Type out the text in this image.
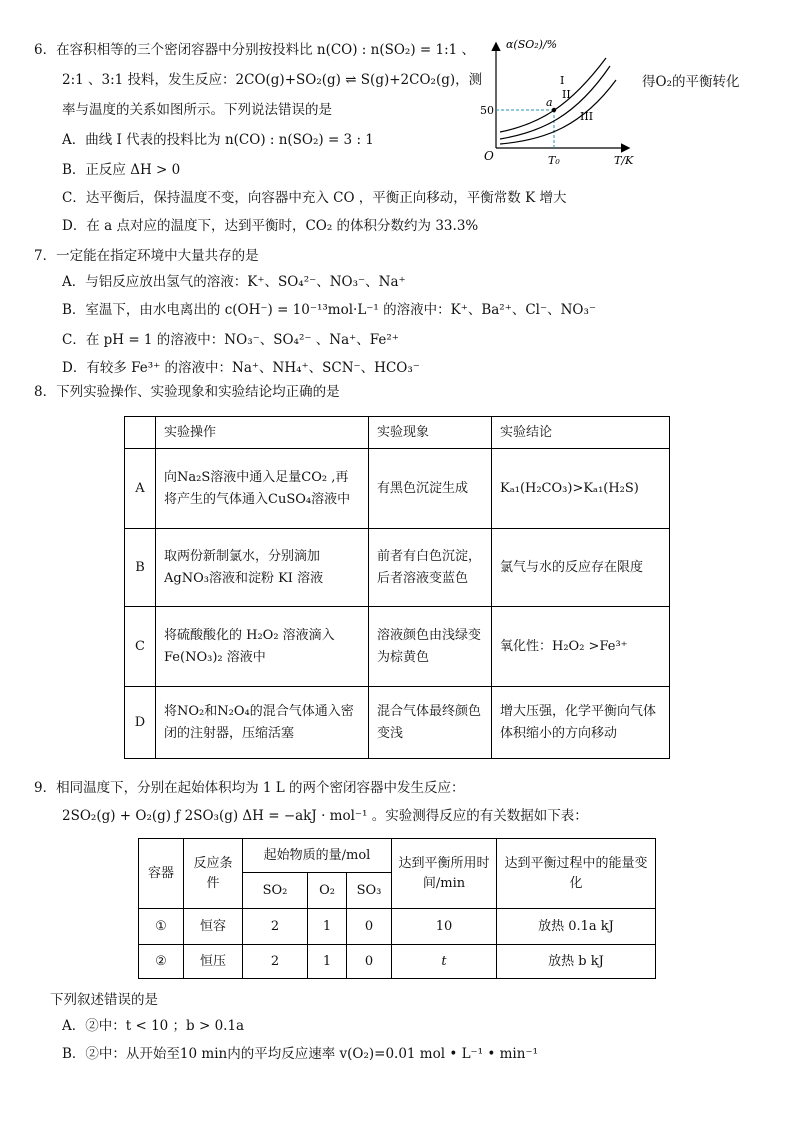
6．在容积相等的三个密闭容器中分别按投料比 n(CO) : n(SO₂) = 1:1 、
2:1 、3:1 投料，发生反应：2CO(g)+SO₂(g) ⇌ S(g)+2CO₂(g)，测	得O₂的平衡转化
率与温度的关系如图所示。下列说法错误的是
A．曲线 I 代表的投料比为 n(CO) : n(SO₂) = 3 : 1
B．正反应 ΔH > 0
C．达平衡后，保持温度不变，向容器中充入 CO ，平衡正向移动，平衡常数 K 增大
D．在 a 点对应的温度下，达到平衡时，CO₂ 的体积分数约为 33.3%
α(SO₂)/%
T/K
O
50
T₀
a
I
II
III
7．一定能在指定环境中大量共存的是
A．与铝反应放出氢气的溶液：K⁺、SO₄²⁻、NO₃⁻、Na⁺
B．室温下，由水电离出的 c(OH⁻) = 10⁻¹³mol·L⁻¹ 的溶液中：K⁺、Ba²⁺、Cl⁻、NO₃⁻
C．在 pH = 1 的溶液中：NO₃⁻、SO₄²⁻ 、Na⁺、Fe²⁺
D．有较多 Fe³⁺ 的溶液中：Na⁺、NH₄⁺、SCN⁻、HCO₃⁻
8．下列实验操作、实验现象和实验结论均正确的是
	实验操作	实验现象	实验结论
A	向Na₂S溶液中通入足量CO₂ ,再将产生的气体通入CuSO₄溶液中	有黑色沉淀生成	Kₐ₁(H₂CO₃)>Kₐ₁(H₂S)
B	取两份新制氯水，分别滴加AgNO₃溶液和淀粉 KI 溶液	前者有白色沉淀，后者溶液变蓝色	氯气与水的反应存在限度
C	将硫酸酸化的 H₂O₂ 溶液滴入Fe(NO₃)₂ 溶液中	溶液颜色由浅绿变为棕黄色	氧化性：H₂O₂ >Fe³⁺
D	将NO₂和N₂O₄的混合气体通入密闭的注射器，压缩活塞	混合气体最终颜色变浅	增大压强，化学平衡向气体体积缩小的方向移动
9．相同温度下，分别在起始体积均为 1 L 的两个密闭容器中发生反应：
2SO₂(g) + O₂(g) ƒ 2SO₃(g) ΔH = −akJ · mol⁻¹ 。实验测得反应的有关数据如下表：
容器	反应条件	起始物质的量/mol			达到平衡所用时间/min	达到平衡过程中的能量变化
		SO₂	O₂	SO₃		
①	恒容	2	1	0	10	放热 0.1a kJ
②	恒压	2	1	0	t	放热 b kJ
下列叙述错误的是
A．②中：t < 10 ；b > 0.1a
B．②中：从开始至10 min内的平均反应速率 v(O₂)=0.01 mol • L⁻¹ • min⁻¹
